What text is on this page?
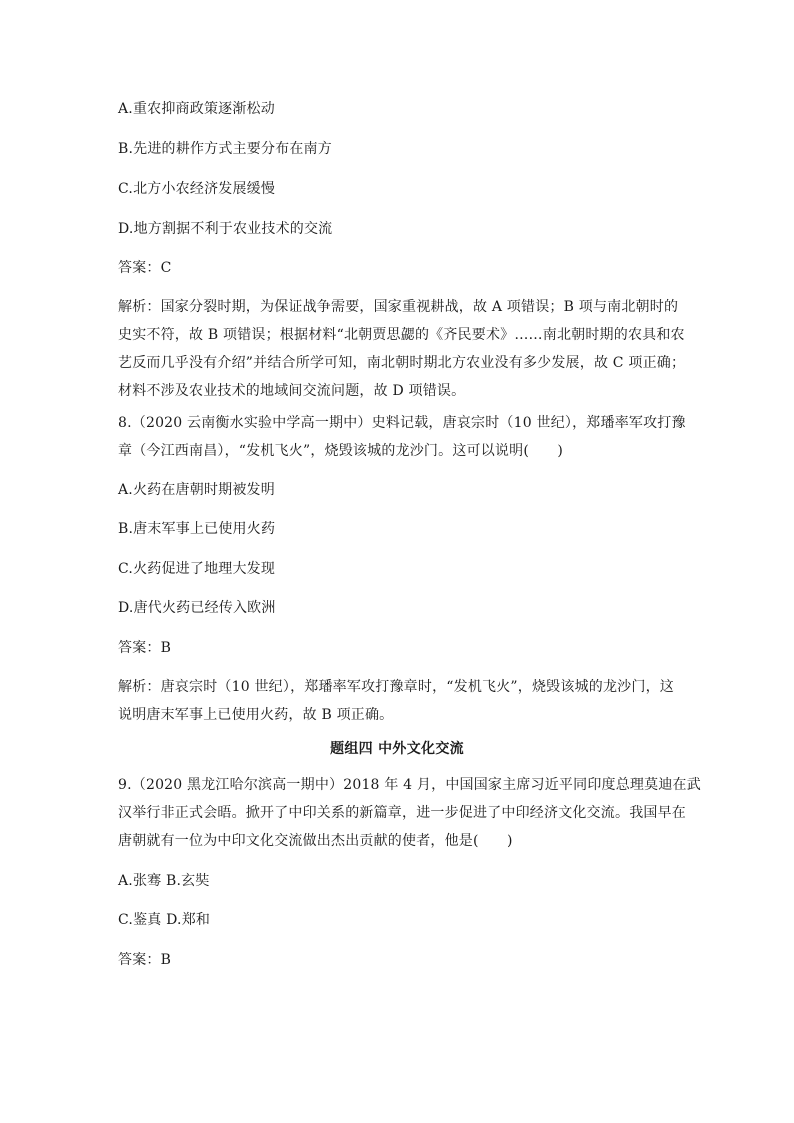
A.重农抑商政策逐渐松动
B.先进的耕作方式主要分布在南方
C.北方小农经济发展缓慢
D.地方割据不利于农业技术的交流
答案：C
解析：国家分裂时期，为保证战争需要，国家重视耕战，故 A 项错误；B 项与南北朝时的
史实不符，故 B 项错误；根据材料“北朝贾思勰的《齐民要术》……南北朝时期的农具和农
艺反而几乎没有介绍”并结合所学可知，南北朝时期北方农业没有多少发展，故 C 项正确；
材料不涉及农业技术的地域间交流问题，故 D 项错误。
8.（2020 云南衡水实验中学高一期中）史料记载，唐哀宗时（10 世纪），郑璠率军攻打豫
章（今江西南昌），“发机飞火”，烧毁该城的龙沙门。这可以说明(　　)
A.火药在唐朝时期被发明
B.唐末军事上已使用火药
C.火药促进了地理大发现
D.唐代火药已经传入欧洲
答案：B
解析：唐哀宗时（10 世纪），郑璠率军攻打豫章时，“发机飞火”，烧毁该城的龙沙门，这
说明唐末军事上已使用火药，故 B 项正确。
题组四 中外文化交流
9.（2020 黑龙江哈尔滨高一期中）2018 年 4 月，中国国家主席习近平同印度总理莫迪在武
汉举行非正式会晤。掀开了中印关系的新篇章，进一步促进了中印经济文化交流。我国早在
唐朝就有一位为中印文化交流做出杰出贡献的使者，他是(　　)
A.张骞 B.玄奘
C.鉴真 D.郑和
答案：B
